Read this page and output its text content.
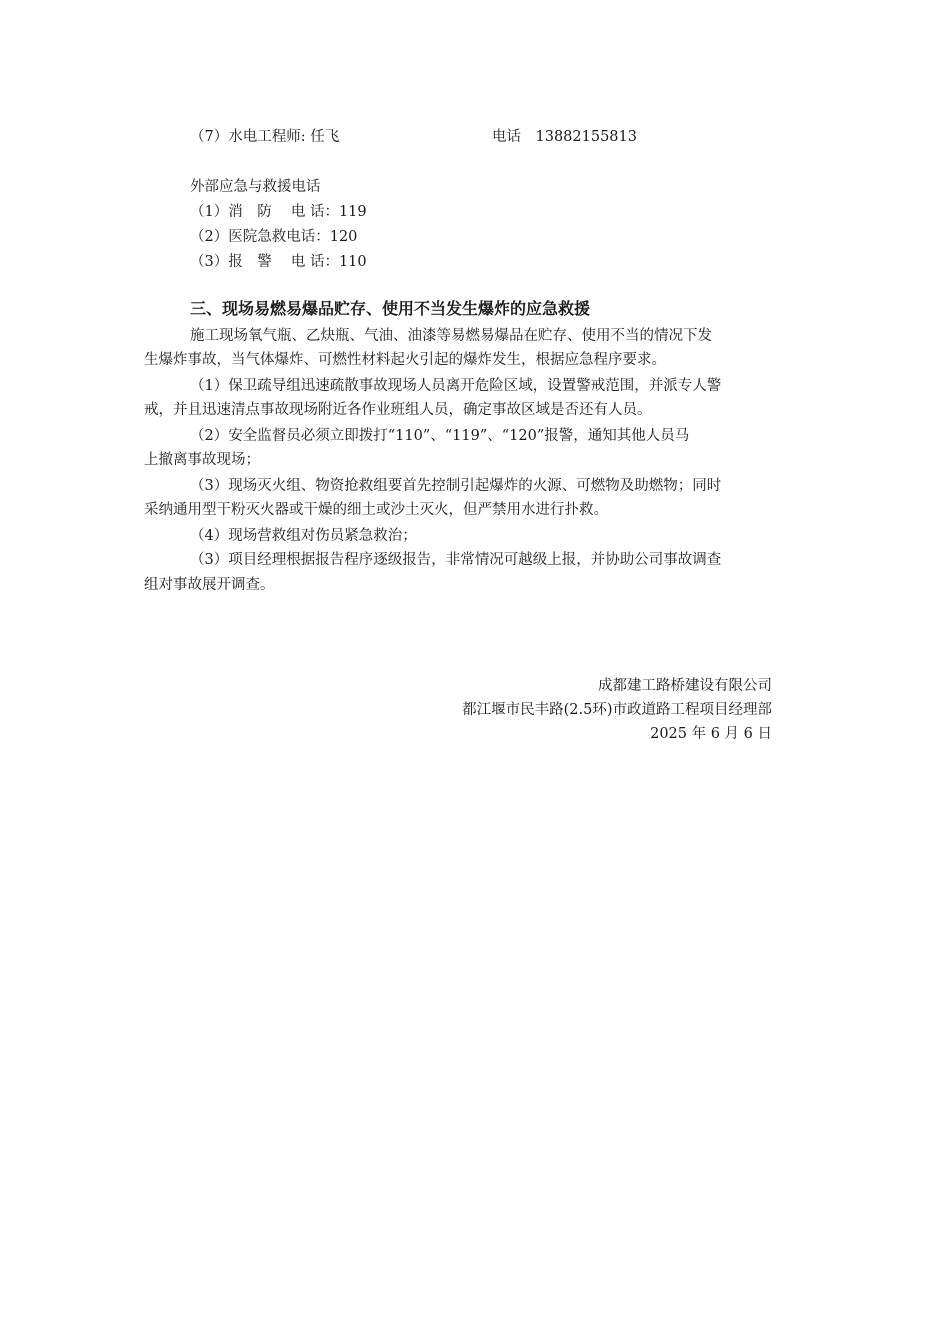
（7）水电工程师: 任飞	电话　13882155813
外部应急与救援电话
（1）消　防　 电 话：119
（2）医院急救电话：120
（3）报　警　 电 话：110
三、现场易燃易爆品贮存、使用不当发生爆炸的应急救援
施工现场氧气瓶、乙炔瓶、气油、油漆等易燃易爆品在贮存、使用不当的情况下发
生爆炸事故，当气体爆炸、可燃性材料起火引起的爆炸发生，根据应急程序要求。
（1）保卫疏导组迅速疏散事故现场人员离开危险区域，设置警戒范围，并派专人警
戒，并且迅速清点事故现场附近各作业班组人员，确定事故区域是否还有人员。
（2）安全监督员必须立即拨打“110”、“119”、“120”报警，通知其他人员马
上撤离事故现场；
（3）现场灭火组、物资抢救组要首先控制引起爆炸的火源、可燃物及助燃物；同时
采纳通用型干粉灭火器或干燥的细土或沙土灭火，但严禁用水进行扑救。
（4）现场营救组对伤员紧急救治；
（3）项目经理根据报告程序逐级报告，非常情况可越级上报，并协助公司事故调查
组对事故展开调查。
成都建工路桥建设有限公司
都江堰市民丰路(2.5环)市政道路工程项目经理部
2025 年 6 月 6 日
